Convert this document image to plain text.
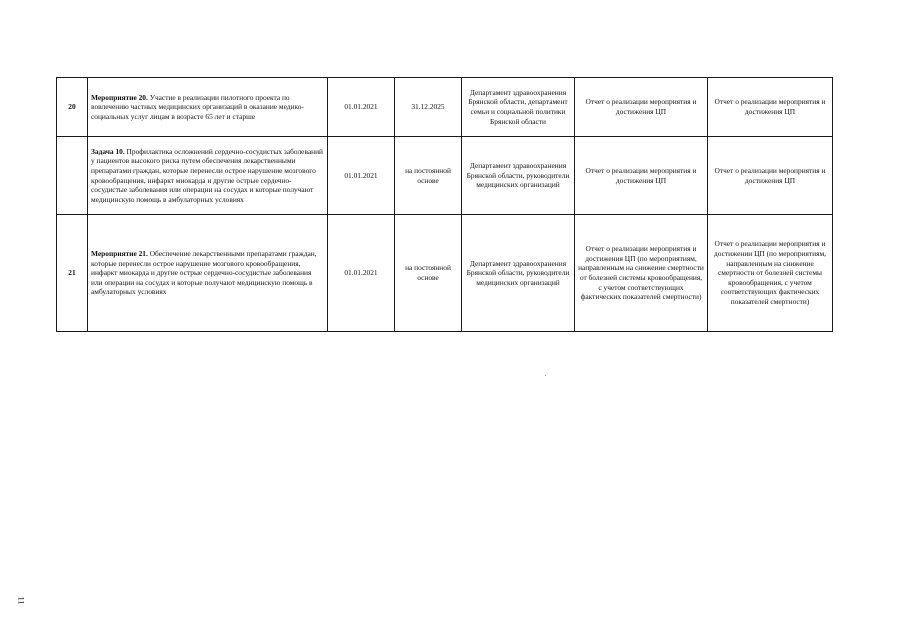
20	Мероприятие 20. Участие в реализации пилотного проекта по вовлечению частных медицинских организаций в оказание медико-социальных услуг лицам в возрасте 65 лет и старше	01.01.2021	31.12.2025	Департамент здравоохранения Брянской области, департамент семьи и социальной политики Брянской области	Отчет о реализации мероприятия и достижения ЦП	Отчет о реализации мероприятия и достижения ЦП
	Задача 10. Профилактика осложнений сердечно-сосудистых заболеваний у пациентов высокого риска путем обеспечения лекарственными препаратами граждан, которые перенесли острое нарушение мозгового кровообращения, инфаркт миокарда и другие острые сердечно-сосудистые заболевания или операции на сосудах и которые получают медицинскую помощь в амбулаторных условиях	01.01.2021	на постоянной основе	Департамент здравоохранения Брянской области, руководители медицинских организаций	Отчет о реализации мероприятия и достижения ЦП	Отчет о реализации мероприятия и достижения ЦП
21	Мероприятие 21. Обеспечение лекарственными препаратами граждан, которые перенесли острое нарушение мозгового кровообращения, инфаркт миокарда и другие острые сердечно-сосудистые заболевания или операции на сосудах и которые получают медицинскую помощь в амбулаторных условиях	01.01.2021	на постоянной основе	Департамент здравоохранения Брянской области, руководители медицинских организаций	Отчет о реализации мероприятия и достижения ЦП (по мероприятиям, направленным на снижение смертности от болезней системы кровообращения, с учетом соответствующих фактических показателей смертности)	Отчет о реализации мероприятия и достижении ЦП (по мероприятиям, направленным на снижение смертности от болезней системы кровообращения, с учетом соответствующих фактических показателей смертности)
11
